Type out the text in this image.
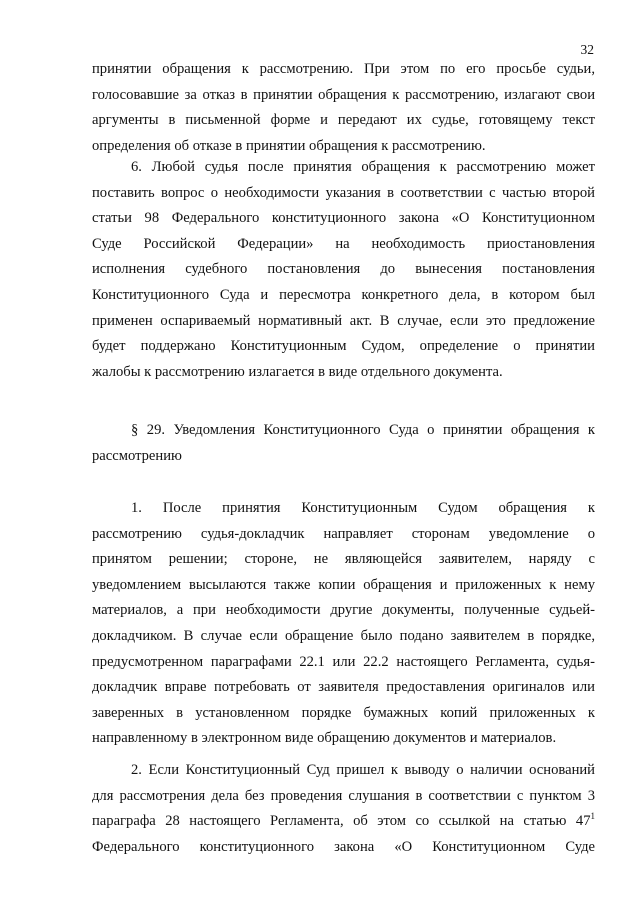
32
принятии обращения к рассмотрению. При этом по его просьбе судьи,
голосовавшие за отказ в принятии обращения к рассмотрению, излагают свои
аргументы в письменной форме и передают их судье, готовящему текст
определения об отказе в принятии обращения к рассмотрению.
6. Любой судья после принятия обращения к рассмотрению может
поставить вопрос о необходимости указания в соответствии с частью второй
статьи 98 Федерального конституционного закона «О Конституционном
Суде Российской Федерации» на необходимость приостановления
исполнения судебного постановления до вынесения постановления
Конституционного Суда и пересмотра конкретного дела, в котором был
применен оспариваемый нормативный акт. В случае, если это предложение
будет поддержано Конституционным Судом, определение о принятии
жалобы к рассмотрению излагается в виде отдельного документа.
§ 29. Уведомления Конституционного Суда о принятии обращения к
рассмотрению
1. После принятия Конституционным Судом обращения к
рассмотрению судья-докладчик направляет сторонам уведомление о
принятом решении; стороне, не являющейся заявителем, наряду с
уведомлением высылаются также копии обращения и приложенных к нему
материалов, а при необходимости другие документы, полученные судьей-
докладчиком. В случае если обращение было подано заявителем в порядке,
предусмотренном параграфами 22.1 или 22.2 настоящего Регламента, судья-
докладчик вправе потребовать от заявителя предоставления оригиналов или
заверенных в установленном порядке бумажных копий приложенных к
направленному в электронном виде обращению документов и материалов.
2. Если Конституционный Суд пришел к выводу о наличии оснований
для рассмотрения дела без проведения слушания в соответствии с пунктом 3
параграфа 28 настоящего Регламента, об этом со ссылкой на статью $47^1$
Федерального конституционного закона «О Конституционном Суде
